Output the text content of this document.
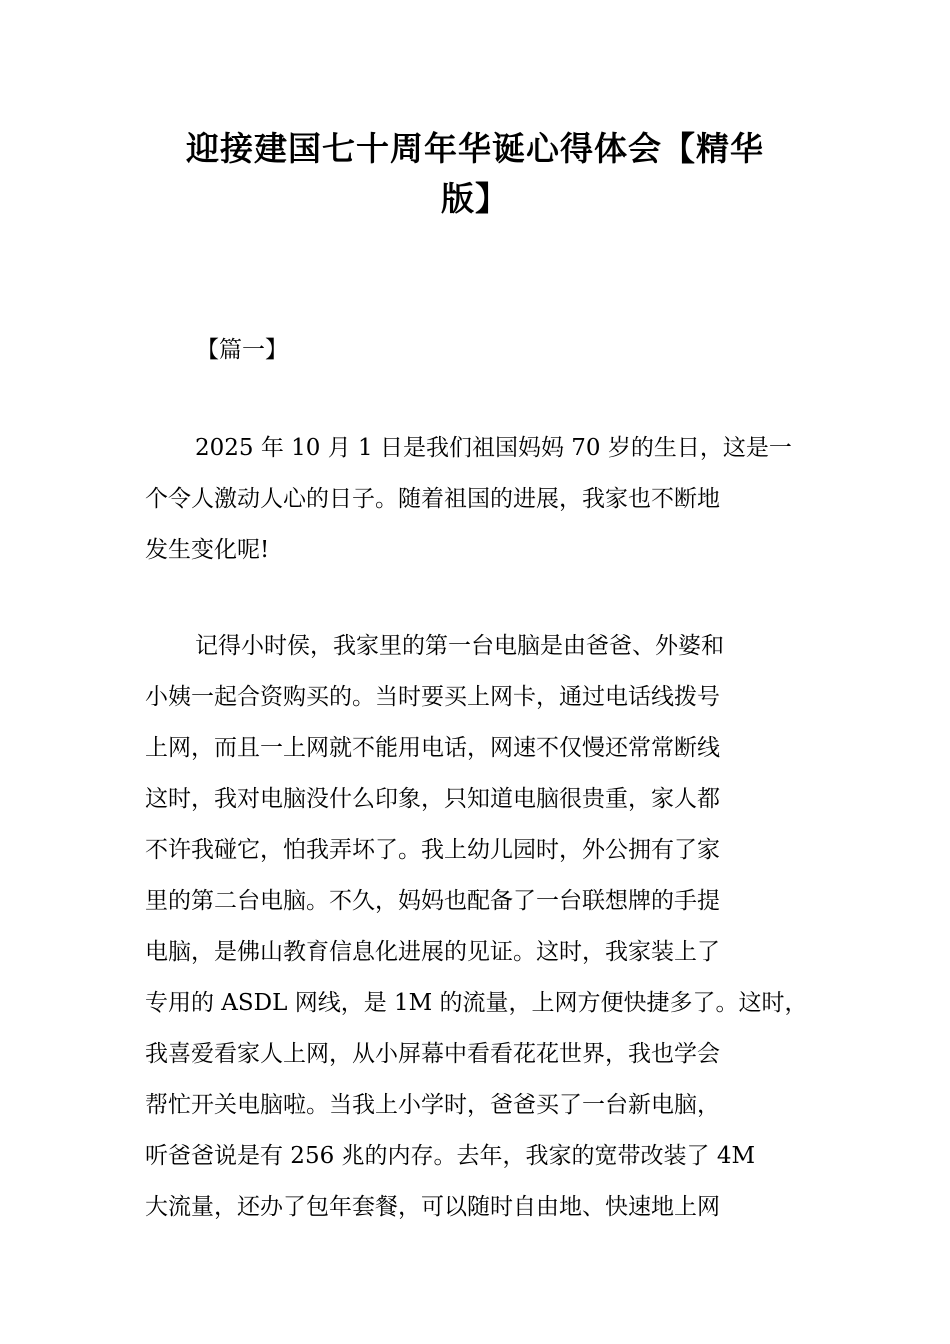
迎接建国七十周年华诞心得体会【精华
版】
【篇一】
2025 年 10 月 1 日是我们祖国妈妈 70 岁的生日，这是一
个令人激动人心的日子。随着祖国的进展，我家也不断地
发生变化呢!
记得小时侯，我家里的第一台电脑是由爸爸、外婆和
小姨一起合资购买的。当时要买上网卡，通过电话线拨号
上网，而且一上网就不能用电话，网速不仅慢还常常断线
这时，我对电脑没什么印象，只知道电脑很贵重，家人都
不许我碰它，怕我弄坏了。我上幼儿园时，外公拥有了家
里的第二台电脑。不久，妈妈也配备了一台联想牌的手提
电脑，是佛山教育信息化进展的见证。这时，我家装上了
专用的 ASDL 网线，是 1M 的流量，上网方便快捷多了。这时，
我喜爱看家人上网，从小屏幕中看看花花世界，我也学会
帮忙开关电脑啦。当我上小学时，爸爸买了一台新电脑，
听爸爸说是有 256 兆的内存。去年，我家的宽带改装了 4M
大流量，还办了包年套餐，可以随时自由地、快速地上网
